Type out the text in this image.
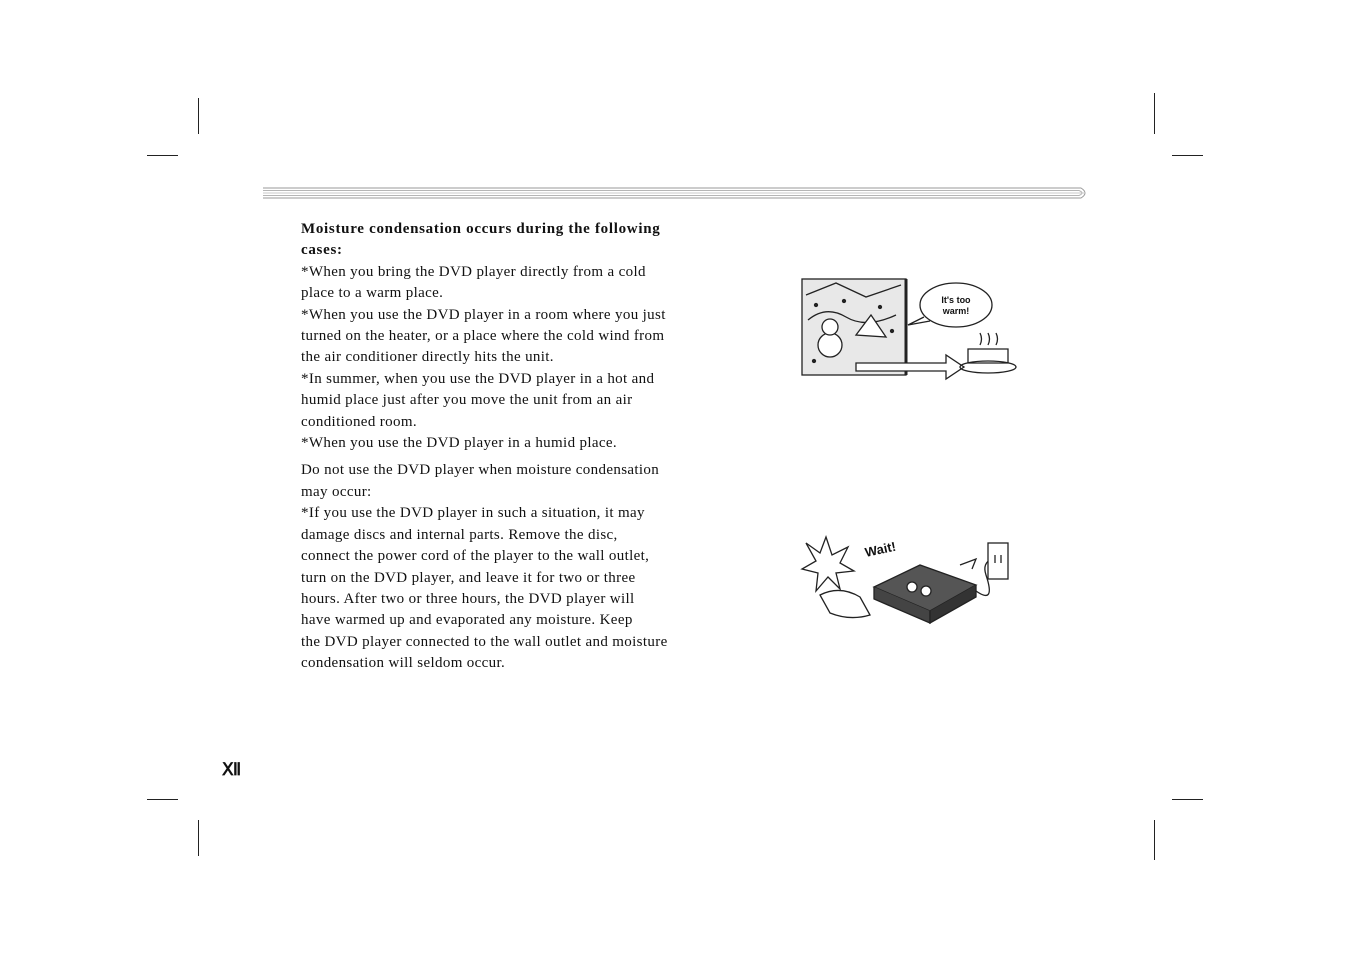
Moisture condensation occurs during the following

cases:

*When you bring the DVD player directly from a cold

place to a warm place.

*When you use the DVD player in a room where you just

turned on the heater, or a place where the cold wind from

the air conditioner directly hits the unit.

*In summer, when you use the DVD player in a hot and

humid place just after you move the unit from an air

conditioned room.

*When you use the DVD player in a humid place.

Do not use the DVD player when moisture condensation

may occur:

*If you use the DVD player in such a situation, it may

damage discs and internal parts. Remove the disc,

connect the power cord of the player to the wall outlet,

turn on the DVD player, and leave it for two or three

hours. After two or three hours, the DVD player will

have warmed up and evaporated any moisture. Keep

the DVD player connected to the wall outlet and moisture

condensation will seldom occur.

It's too
warm!
Wait!
Ⅻ
